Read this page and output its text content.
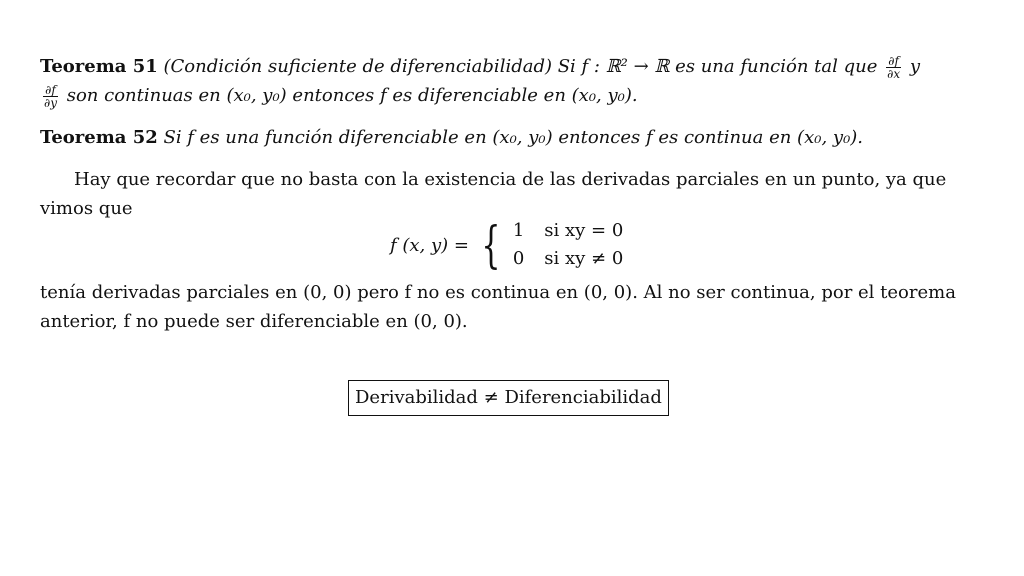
Teorema 51 (Condición suficiente de diferenciabilidad) Si f : ℝ² → ℝ es una función tal que $\frac{\partial f}{\partial x}$ y

$\frac{\partial f}{\partial y}$ son continuas en (x₀, y₀) entonces f es diferenciable en (x₀, y₀).
Teorema 52 Si f es una función diferenciable en (x₀, y₀) entonces f es continua en (x₀, y₀).
Hay que recordar que no basta con la existencia de las derivadas parciales en un punto, ya que vimos que
f (x, y) = { 1 si xy = 0
0 si xy ≠ 0
tenía derivadas parciales en (0, 0) pero f no es continua en (0, 0). Al no ser continua, por el teorema anterior, f no puede ser diferenciable en (0, 0).
Derivabilidad ≠ Diferenciabilidad
